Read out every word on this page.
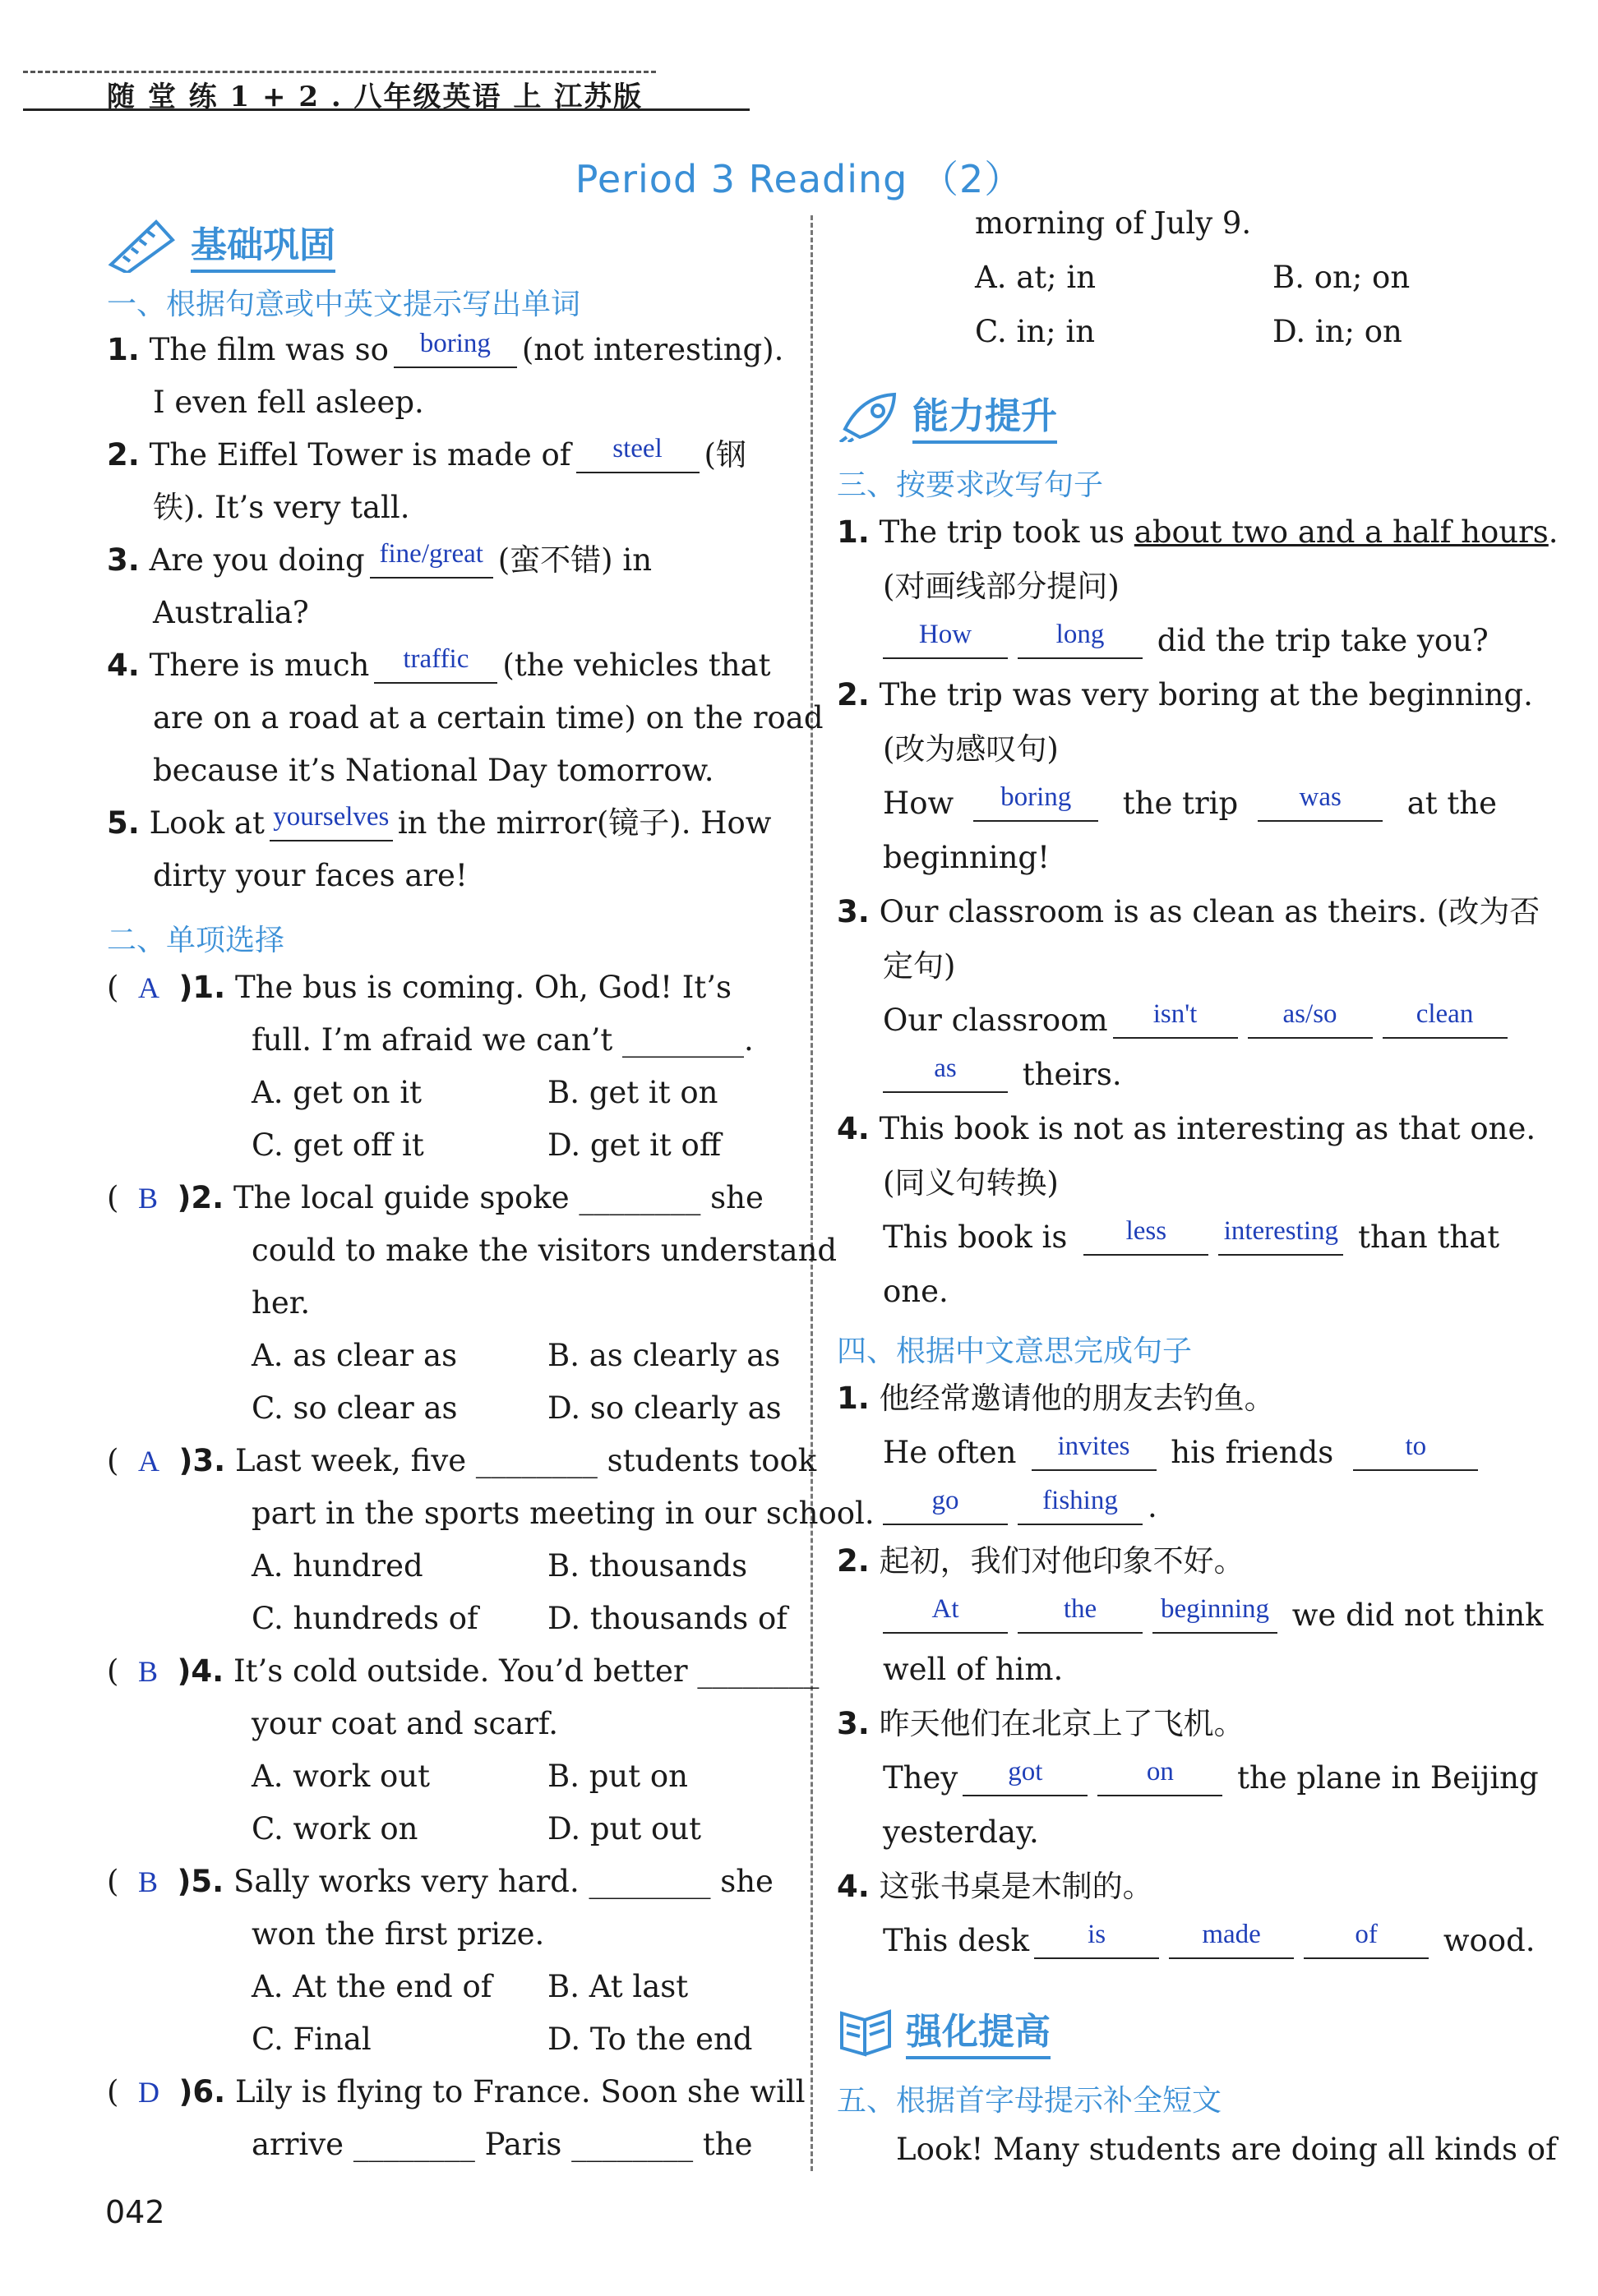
随 堂 练 1 + 2 . 八年级英语 上 江苏版
Period 3 Reading （2）
基础巩固
一、根据句意或中英文提示写出单词
1. The film was so boring (not interesting).
I even fell asleep.
2. The Eiffel Tower is made of steel (钢
铁). It’s very tall.
3. Are you doing fine/great (蛮不错) in
Australia?
4. There is much traffic (the vehicles that
are on a road at a certain time) on the road
because it’s National Day tomorrow.
5. Look at yourselves in the mirror(镜子). How
dirty your faces are!
二、单项选择
(  A )1. The bus is coming. Oh, God! It’s
full. I’m afraid we can’t ________.
A. get on it	B. get it on
C. get off it	D. get it off
(  B )2. The local guide spoke ________ she
could to make the visitors understand
her.
A. as clear as	B. as clearly as
C. so clear as	D. so clearly as
(  A )3. Last week, five ________ students took
part in the sports meeting in our school.
A. hundred	B. thousands
C. hundreds of D. thousands of
(  B )4. It’s cold outside. You’d better ________
your coat and scarf.
A. work out	B. put on
C. work on	D. put out
(  B )5. Sally works very hard. ________ she
won the first prize.
A. At the end of B. At last
C. Final	D. To the end
(  D )6. Lily is flying to France. Soon she will
arrive ________ Paris ________ the
morning of July 9.
A. at; in	B. on; on
C. in; in	D. in; on
能力提升
三、按要求改写句子
1. The trip took us about two and a half hours.
(对画线部分提问)
How	long did the trip take you?
2. The trip was very boring at the beginning.
(改为感叹句)
How boring the trip was at the
beginning!
3. Our classroom is as clean as theirs. (改为否
定句)
Our classroom isn't	as/so	clean
as theirs.
4. This book is not as interesting as that one.
(同义句转换)
This book is less interesting than that
one.
四、根据中文意思完成句子
1. 他经常邀请他的朋友去钓鱼。
He often invites his friends	to
go	fishing .
2. 起初，我们对他印象不好。
At	the beginning we did not think
well of him.
3. 昨天他们在北京上了飞机。
They got	on the plane in Beijing
yesterday.
4. 这张书桌是木制的。
This desk is	made	of wood.
强化提高
五、根据首字母提示补全短文
Look! Many students are doing all kinds of
042
